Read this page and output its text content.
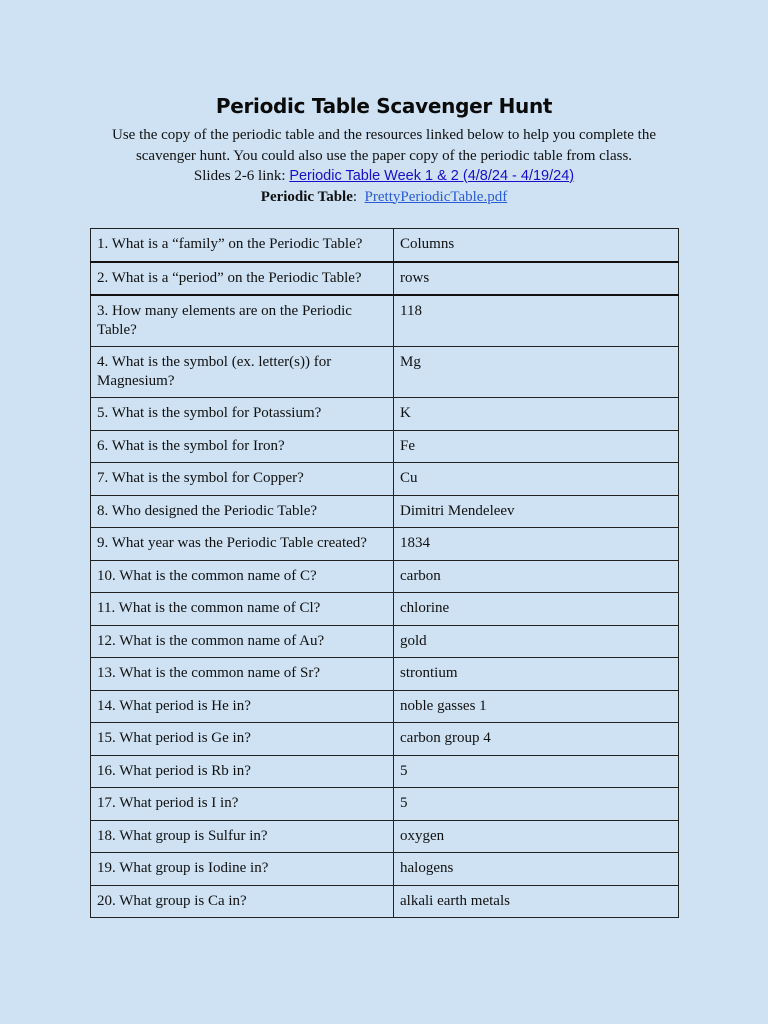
Periodic Table Scavenger Hunt

Use the copy of the periodic table and the resources linked below to help you complete the scavenger hunt. You could also use the paper copy of the periodic table from class.

Slides 2-6 link: Periodic Table Week 1 & 2 (4/8/24 - 4/19/24)

Periodic Table:  PrettyPeriodicTable.pdf

1. What is a “family” on the Periodic Table?	Columns
2. What is a “period” on the Periodic Table?	rows
3. How many elements are on the Periodic Table?	118
4. What is the symbol (ex. letter(s)) for Magnesium?	Mg
5. What is the symbol for Potassium?	K
6. What is the symbol for Iron?	Fe
7. What is the symbol for Copper?	Cu
8. Who designed the Periodic Table?	Dimitri Mendeleev
9. What year was the Periodic Table created?	1834
10. What is the common name of C?	carbon
11. What is the common name of Cl?	chlorine
12. What is the common name of Au?	gold
13. What is the common name of Sr?	strontium
14. What period is He in?	noble gasses 1
15. What period is Ge in?	carbon group 4
16. What period is Rb in?	5
17. What period is I in?	5
18. What group is Sulfur in?	oxygen
19. What group is Iodine in?	halogens
20. What group is Ca in?	alkali earth metals
